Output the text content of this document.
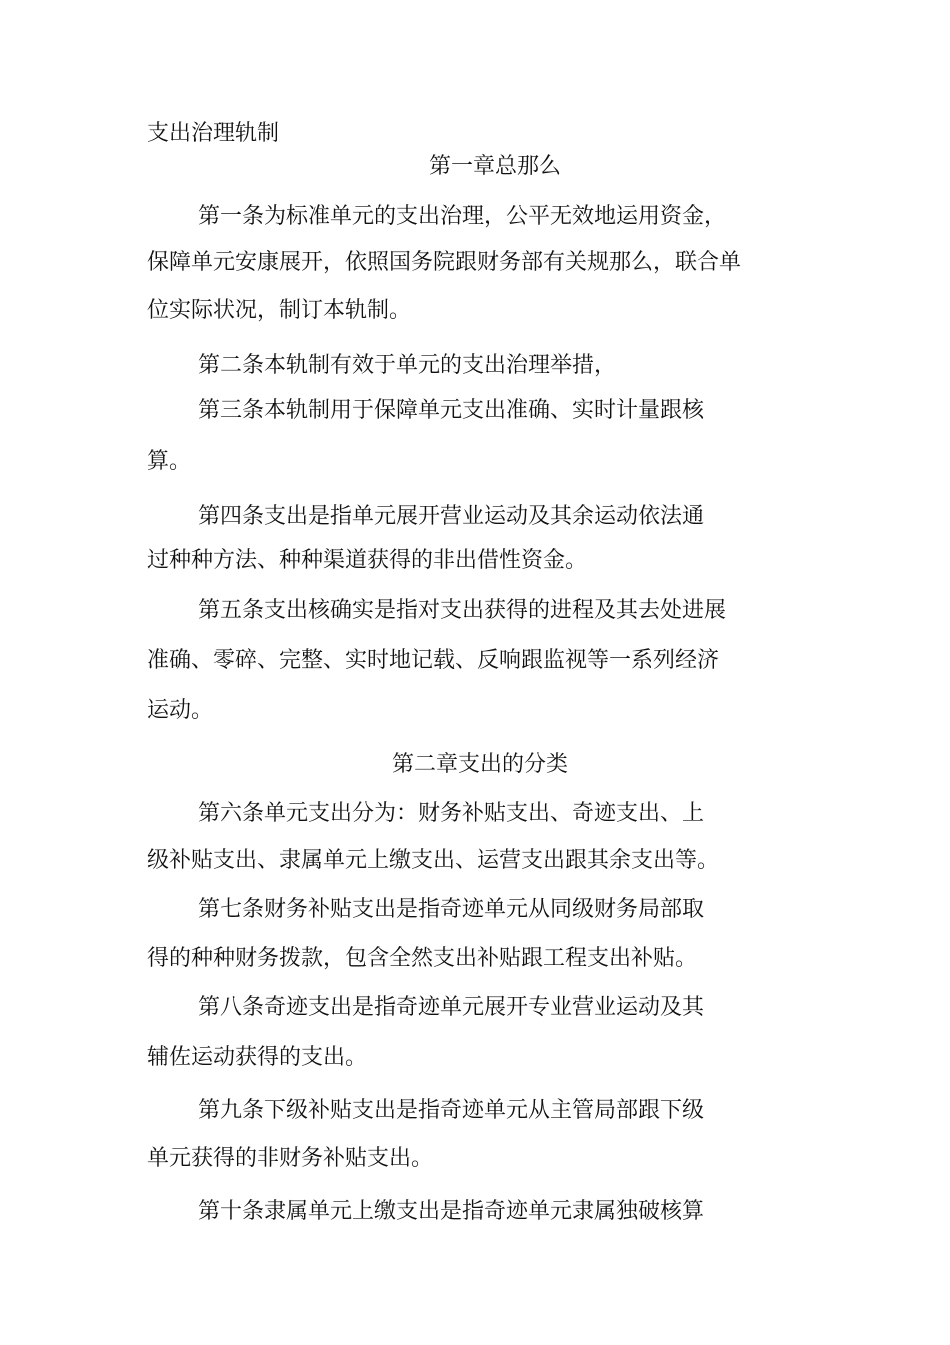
支出治理轨制
第一章总那么
第一条为标准单元的支出治理，公平无效地运用资金，
保障单元安康展开，依照国务院跟财务部有关规那么，联合单
位实际状况，制订本轨制。
第二条本轨制有效于单元的支出治理举措，
第三条本轨制用于保障单元支出准确、实时计量跟核
算。
第四条支出是指单元展开营业运动及其余运动依法通
过种种方法、种种渠道获得的非出借性资金。
第五条支出核确实是指对支出获得的进程及其去处进展
准确、零碎、完整、实时地记载、反响跟监视等一系列经济
运动。
第二章支出的分类
第六条单元支出分为：财务补贴支出、奇迹支出、上
级补贴支出、隶属单元上缴支出、运营支出跟其余支出等。
第七条财务补贴支出是指奇迹单元从同级财务局部取
得的种种财务拨款，包含全然支出补贴跟工程支出补贴。
第八条奇迹支出是指奇迹单元展开专业营业运动及其
辅佐运动获得的支出。
第九条下级补贴支出是指奇迹单元从主管局部跟下级
单元获得的非财务补贴支出。
第十条隶属单元上缴支出是指奇迹单元隶属独破核算
